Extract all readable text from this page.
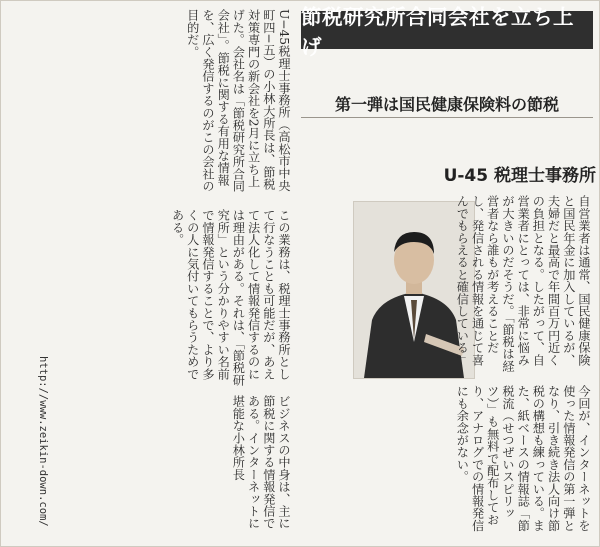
節税研究所合同会社を立ち上げ
第一弾は国民健康保険料の節税
U-45 税理士事務所
U−45税理士事務所（高松市中央町四−五）の小林大所長は、節税対策専門の新会社を2月に立ち上げた。会社名は「節税研究所合同会社」。節税に関する有用な情報を、広く発信するのがこの会社の目的だ。
この業務は、税理士事務所として行なうことも可能だが、あえて法人化して情報発信するのには理由がある。それは、「節税研究所」という分かりやすい名前で情報発信することで、より多くの人に気付いてもらうためである。
ビジネスの中身は、主に節税に関する情報発信である。インターネットに堪能な小林所長
自営業者は通常、国民健康保険と国民年金に加入しているが、夫婦だと最高で年間百万円近くの負担となる。したがって、自営業者にとっては、非常に悩みが大きいのだそうだ。「節税は経営者なら誰もが考えることだし、発信される情報を通じて喜んでもらえると確信している」
今回が、インターネットを使った情報発信の第一弾となり、引き続き法人向け節税の構想も練っている。また、紙ベースの情報誌「節税流（せつぜいスピリッツ）」も無料で配布しており、アナログでの情報発信にも余念がない。
http://www.zeikin-down.com/
